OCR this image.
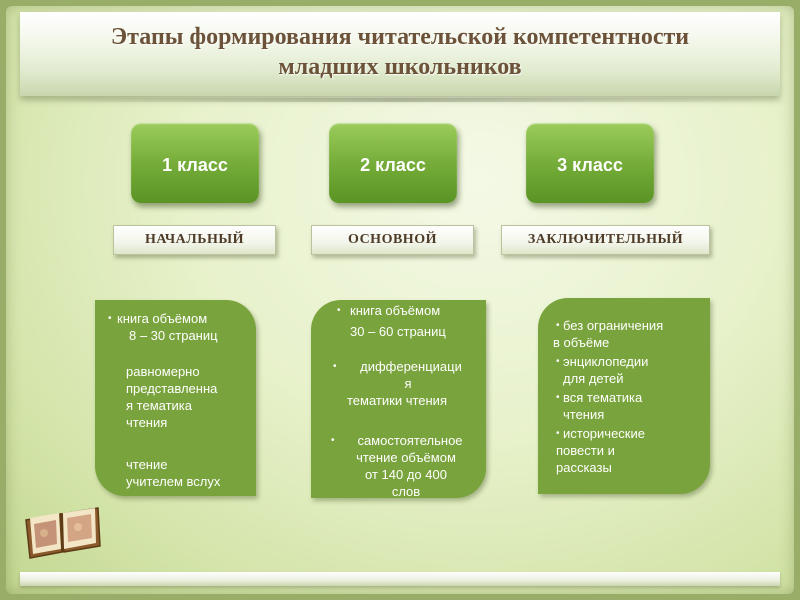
Этапы формирования читательской компетентности
младших школьников
1 класс	2 класс	3 класс
НАЧАЛЬНЫЙ	ОСНОВНОЙ	ЗАКЛЮЧИТЕЛЬНЫЙ
• книга объёмом
8 – 30 страниц
равномерно
представленна
я тематика
чтения
чтение
учителем вслух
• книга объёмом
30 – 60 страниц
•	дифференциаци
я
тематики чтения
•	самостоятельное
чтение объёмом
от 140 до 400
слов
• без ограничения
в объёме
• энциклопедии
для детей
• вся тематика
чтения
• исторические
повести и
рассказы
